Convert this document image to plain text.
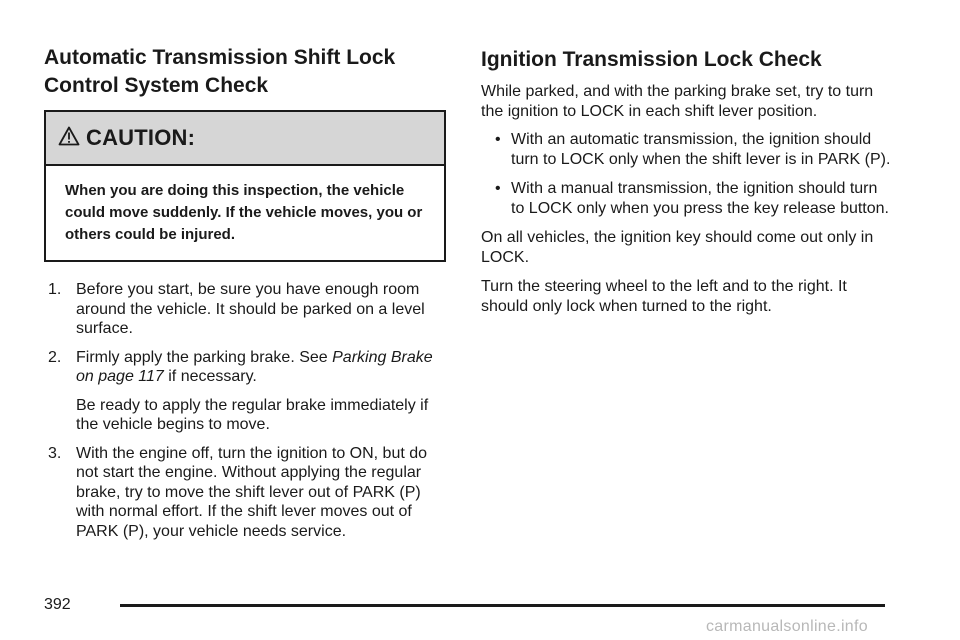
Automatic Transmission Shift Lock Control System Check
CAUTION:
When you are doing this inspection, the vehicle could move suddenly. If the vehicle moves, you or others could be injured.
1. Before you start, be sure you have enough room around the vehicle. It should be parked on a level surface.
2. Firmly apply the parking brake. See Parking Brake on page 117 if necessary.

Be ready to apply the regular brake immediately if the vehicle begins to move.

3. With the engine off, turn the ignition to ON, but do not start the engine. Without applying the regular brake, try to move the shift lever out of PARK (P) with normal effort. If the shift lever moves out of PARK (P), your vehicle needs service.
Ignition Transmission Lock Check

While parked, and with the parking brake set, try to turn the ignition to LOCK in each shift lever position.

• With an automatic transmission, the ignition should turn to LOCK only when the shift lever is in PARK (P).
• With a manual transmission, the ignition should turn to LOCK only when you press the key release button.

On all vehicles, the ignition key should come out only in LOCK.

Turn the steering wheel to the left and to the right. It should only lock when turned to the right.

392
carmanualsonline.info
